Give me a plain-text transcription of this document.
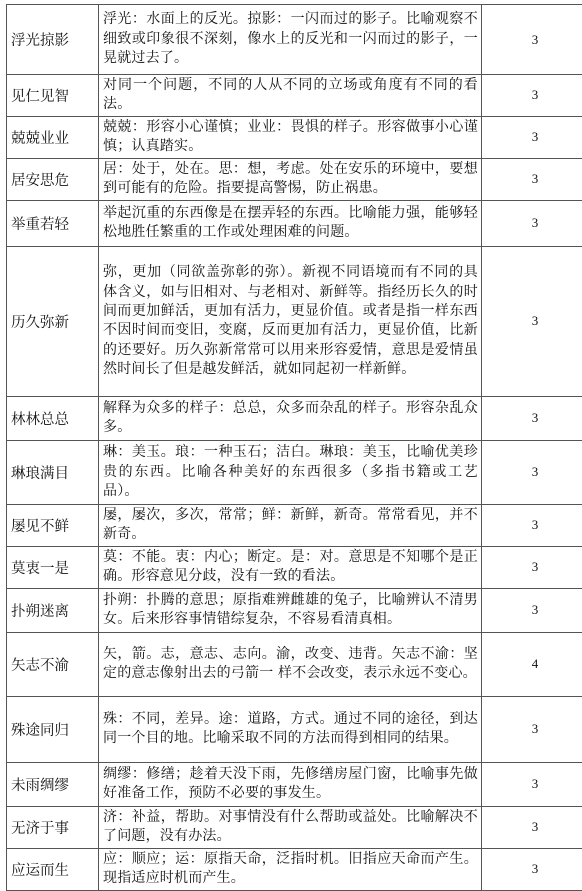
浮光掠影	浮光：水面上的反光。掠影：一闪而过的影子。比喻观察不细致或印象很不深刻，像水上的反光和一闪而过的影子，一晃就过去了。	3
见仁见智	对同一个问题，不同的人从不同的立场或角度有不同的看法。	3
兢兢业业	兢兢：形容小心谨慎；业业：畏惧的样子。形容做事小心谨慎；认真踏实。	3
居安思危	居：处于，处在。思：想，考虑。处在安乐的环境中，要想到可能有的危险。指要提高警惕，防止祸患。	3
举重若轻	举起沉重的东西像是在摆弄轻的东西。比喻能力强，能够轻松地胜任繁重的工作或处理困难的问题。	3
历久弥新	弥，更加（同欲盖弥彰的弥）。新视不同语境而有不同的具体含义，如与旧相对、与老相对、新鲜等。指经历长久的时间而更加鲜活，更加有活力，更显价值。或者是指一样东西不因时间而变旧，变腐，反而更加有活力，更显价值，比新的还要好。历久弥新常常可以用来形容爱情，意思是爱情虽然时间长了但是越发鲜活，就如同起初一样新鲜。	3
林林总总	解释为众多的样子：总总，众多而杂乱的样子。形容杂乱众多。	3
琳琅满目	琳：美玉。琅：一种玉石；洁白。琳琅：美玉，比喻优美珍贵的东西。比喻各种美好的东西很多（多指书籍或工艺品）。	3
屡见不鲜	屡，屡次，多次，常常；鲜：新鲜，新奇。常常看见，并不新奇。	3
莫衷一是	莫：不能。衷：内心；断定。是：对。意思是不知哪个是正确。形容意见分歧，没有一致的看法。	3
扑朔迷离	扑朔：扑腾的意思；原指难辨雌雄的兔子，比喻辨认不清男女。后来形容事情错综复杂，不容易看清真相。	3
矢志不渝	矢，箭。志，意志、志向。渝，改变、违背。矢志不渝：坚定的意志像射出去的弓箭一 样不会改变，表示永远不变心。	4
殊途同归	殊：不同，差异。途：道路，方式。通过不同的途径，到达同一个目的地。比喻采取不同的方法而得到相同的结果。	3
未雨绸缪	绸缪：修缮；趁着天没下雨，先修缮房屋门窗，比喻事先做好准备工作，预防不必要的事发生。	3
无济于事	济：补益，帮助。对事情没有什么帮助或益处。比喻解决不了问题，没有办法。	3
应运而生	应：顺应；运：原指天命，泛指时机。旧指应天命而产生。现指适应时机而产生。	3
